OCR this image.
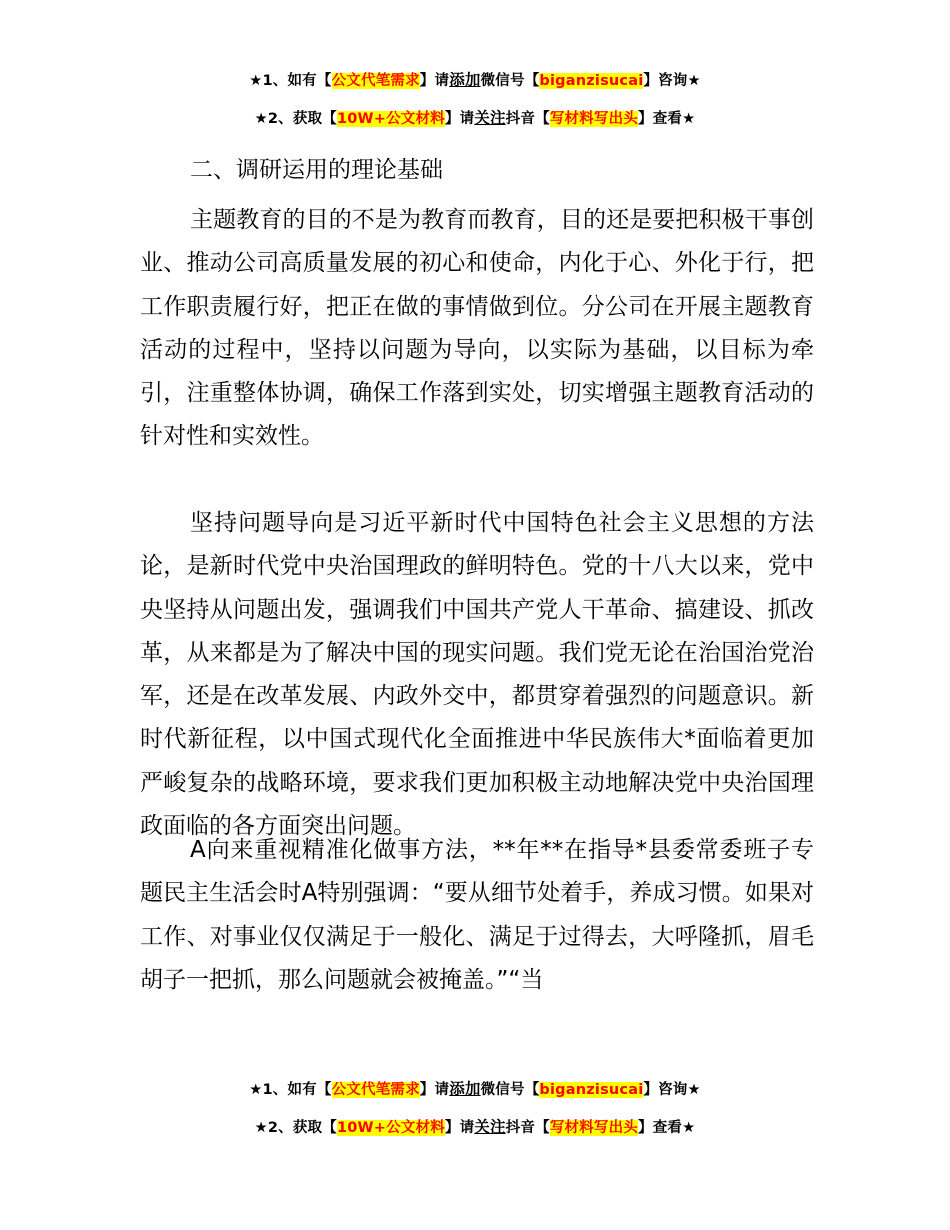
★1、如有【公文代笔需求】请添加微信号【biganzisucai】咨询★
★2、获取【10W+公文材料】请关注抖音【写材料写出头】查看★
二、调研运用的理论基础
主题教育的目的不是为教育而教育，目的还是要把积极干事创业、推动公司高质量发展的初心和使命，内化于心、外化于行，把工作职责履行好，把正在做的事情做到位。分公司在开展主题教育活动的过程中，坚持以问题为导向，以实际为基础，以目标为牵引，注重整体协调，确保工作落到实处，切实增强主题教育活动的针对性和实效性。
坚持问题导向是习近平新时代中国特色社会主义思想的方法论，是新时代党中央治国理政的鲜明特色。党的十八大以来，党中央坚持从问题出发，强调我们中国共产党人干革命、搞建设、抓改革，从来都是为了解决中国的现实问题。我们党无论在治国治党治军，还是在改革发展、内政外交中，都贯穿着强烈的问题意识。新时代新征程，以中国式现代化全面推进中华民族伟大*面临着更加严峻复杂的战略环境，要求我们更加积极主动地解决党中央治国理政面临的各方面突出问题。
A向来重视精准化做事方法，**年**在指导*县委常委班子专题民主生活会时A特别强调：“要从细节处着手，养成习惯。如果对工作、对事业仅仅满足于一般化、满足于过得去，大呼隆抓，眉毛胡子一把抓，那么问题就会被掩盖。”“当
★1、如有【公文代笔需求】请添加微信号【biganzisucai】咨询★
★2、获取【10W+公文材料】请关注抖音【写材料写出头】查看★
